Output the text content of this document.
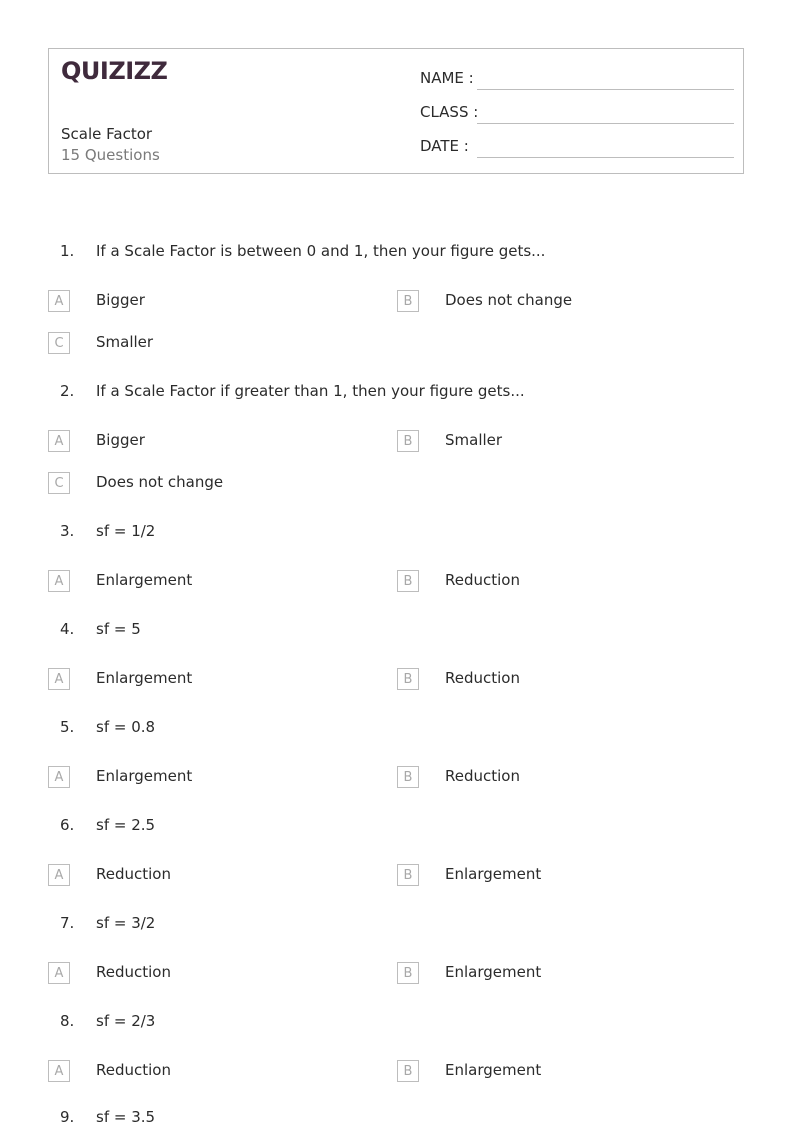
QUIZIZZ
Scale Factor
15 Questions
NAME :
CLASS :
DATE :
1. If a Scale Factor is between 0 and 1, then your figure gets...
A	Bigger	B	Does not change
C	Smaller
2. If a Scale Factor if greater than 1, then your figure gets...
A	Bigger	B	Smaller
C	Does not change
3. sf = 1/2
A	Enlargement	B	Reduction
4. sf = 5
A	Enlargement	B	Reduction
5. sf = 0.8
A	Enlargement	B	Reduction
6. sf = 2.5
A	Reduction	B	Enlargement
7. sf = 3/2
A	Reduction	B	Enlargement
8. sf = 2/3
A	Reduction	B	Enlargement
9. sf = 3.5
